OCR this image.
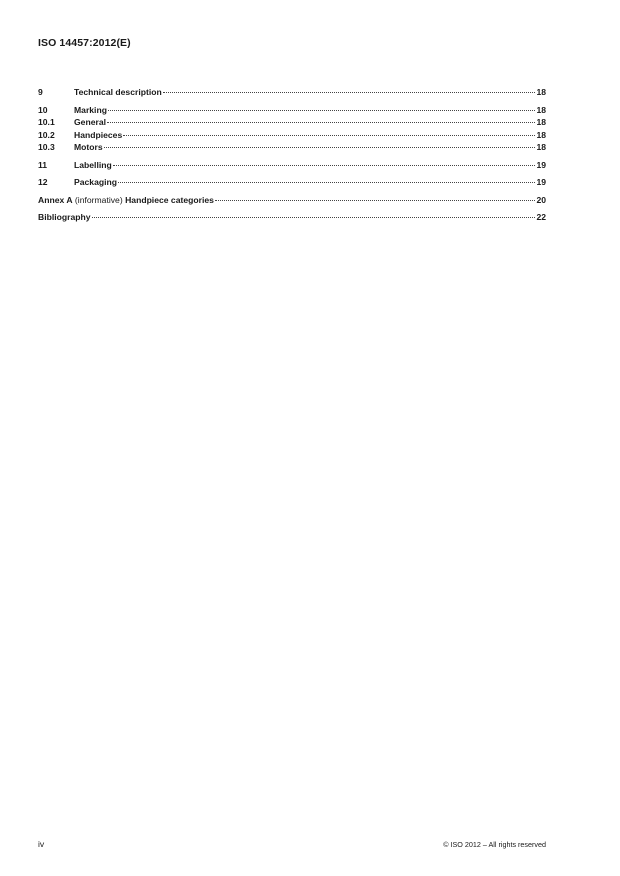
ISO 14457:2012(E)
9	Technical description	18
10	Marking	18
10.1	General	18
10.2	Handpieces	18
10.3	Motors	18
11	Labelling	19
12	Packaging	19
Annex A (informative) Handpiece categories	20
Bibliography	22
iv	© ISO 2012 – All rights reserved
